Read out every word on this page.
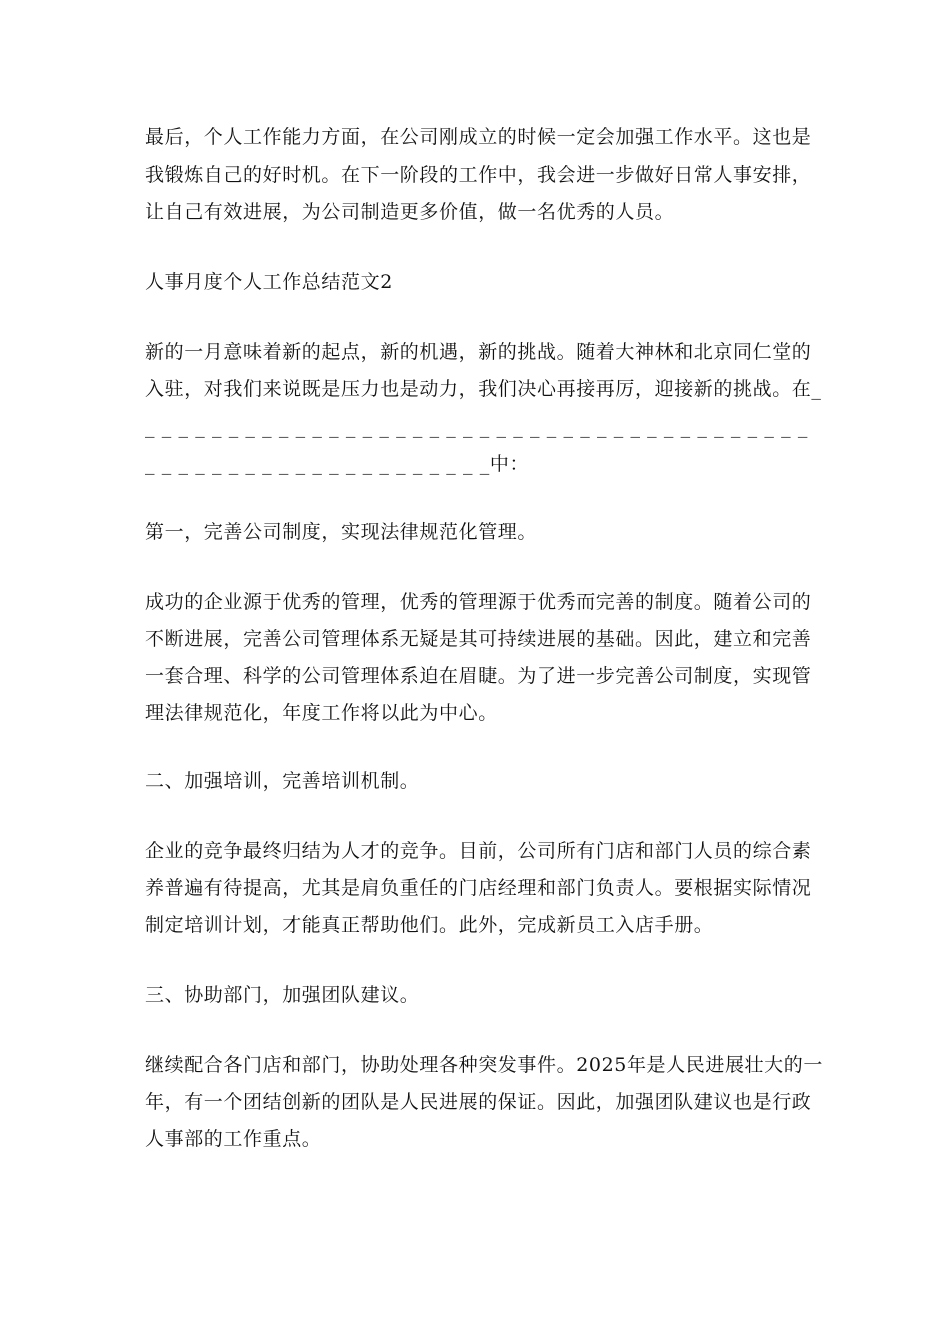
最后，个人工作能力方面，在公司刚成立的时候一定会加强工作水平。这也是
我锻炼自己的好时机。在下一阶段的工作中，我会进一步做好日常人事安排，
让自己有效进展，为公司制造更多价值，做一名优秀的人员。
人事月度个人工作总结范文2
新的一月意味着新的起点，新的机遇，新的挑战。随着大神林和北京同仁堂的
入驻，对我们来说既是压力也是动力，我们决心再接再厉，迎接新的挑战。在_
_ _ _ _ _ _ _ _ _ _ _ _ _ _ _ _ _ _ _ _ _ _ _ _ _ _ _ _ _ _ _ _ _ _ _ _ _ _ _ _
_ _ _ _ _ _ _ _ _ _ _ _ _ _ _ _ _ _ _ _ _中：
第一，完善公司制度，实现法律规范化管理。
成功的企业源于优秀的管理，优秀的管理源于优秀而完善的制度。随着公司的
不断进展，完善公司管理体系无疑是其可持续进展的基础。因此，建立和完善
一套合理、科学的公司管理体系迫在眉睫。为了进一步完善公司制度，实现管
理法律规范化，年度工作将以此为中心。
二、加强培训，完善培训机制。
企业的竞争最终归结为人才的竞争。目前，公司所有门店和部门人员的综合素
养普遍有待提高，尤其是肩负重任的门店经理和部门负责人。要根据实际情况
制定培训计划，才能真正帮助他们。此外，完成新员工入店手册。
三、协助部门，加强团队建议。
继续配合各门店和部门，协助处理各种突发事件。2025年是人民进展壮大的一
年，有一个团结创新的团队是人民进展的保证。因此，加强团队建议也是行政
人事部的工作重点。
